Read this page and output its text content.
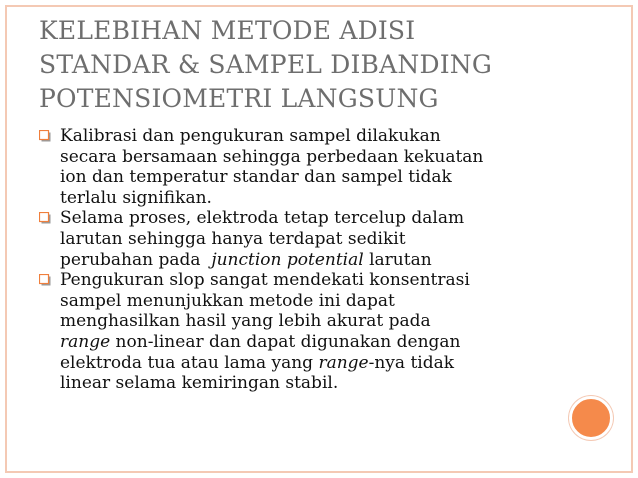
KELEBIHAN METODE ADISI
STANDAR & SAMPEL DIBANDING
POTENSIOMETRI LANGSUNG
Kalibrasi dan pengukuran sampel dilakukan
secara bersamaan sehingga perbedaan kekuatan
ion dan temperatur standar dan sampel tidak
terlalu signifikan.
Selama proses, elektroda tetap tercelup dalam
larutan sehingga hanya terdapat sedikit
perubahan pada  junction potential larutan
Pengukuran slop sangat mendekati konsentrasi
sampel menunjukkan metode ini dapat
menghasilkan hasil yang lebih akurat pada
range non-linear dan dapat digunakan dengan
elektroda tua atau lama yang range-nya tidak
linear selama kemiringan stabil.
